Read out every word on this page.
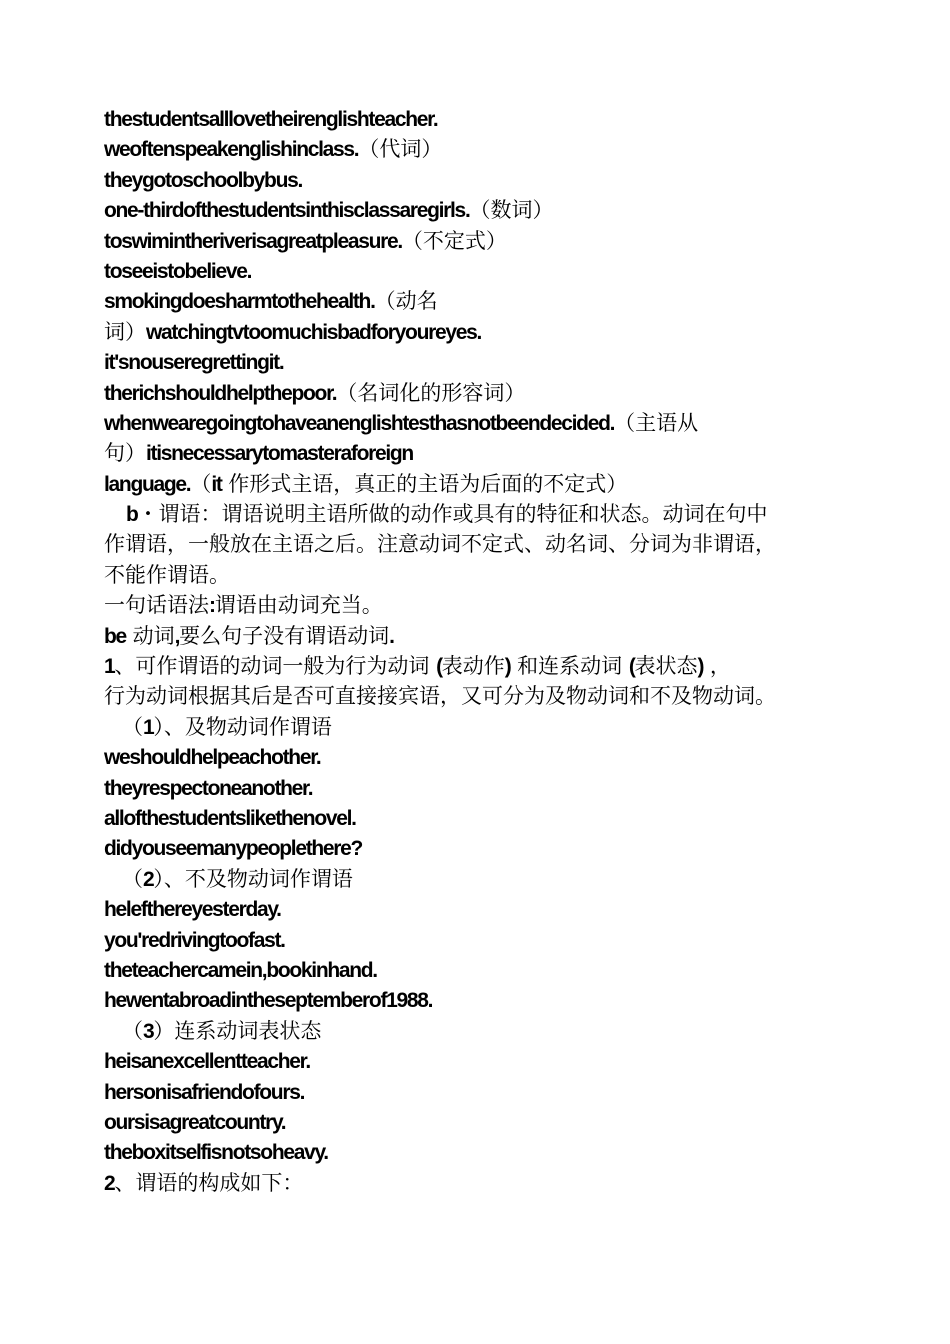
thestudentsalllovetheirenglishteacher.
weoftenspeakenglishinclass.（代词）
theygotoschoolbybus.
one-thirdofthestudentsinthisclassaregirls.（数词）
toswimintheriverisagreatpleasure.（不定式）
toseeistobelieve.
smokingdoesharmtothehealth.（动名
词）watchingtvtoomuchisbadforyoureyes.
it'snouseregrettingit.
therichshouldhelpthepoor.（名词化的形容词）
whenwearegoingtohaveanenglishtesthasnotbeendecided.（主语从
句）itisnecessarytomasteraforeign
language.（it 作形式主语，真正的主语为后面的不定式）
b・谓语：谓语说明主语所做的动作或具有的特征和状态。动词在句中
作谓语，一般放在主语之后。注意动词不定式、动名词、分词为非谓语，
不能作谓语。
一句话语法:谓语由动词充当。
be 动词,要么句子没有谓语动词.
1、可作谓语的动词一般为行为动词 (表动作) 和连系动词 (表状态) ，
行为动词根据其后是否可直接接宾语，又可分为及物动词和不及物动词。
（1）、及物动词作谓语
weshouldhelpeachother.
theyrespectoneanother.
allofthestudentslikethenovel.
didyouseemanypeoplethere?
（2）、不及物动词作谓语
helefthereyesterday.
you'redrivingtoofast.
theteachercamein,bookinhand.
hewentabroadintheseptemberof1988.
（3）连系动词表状态
heisanexcellentteacher.
hersonisafriendofours.
oursisagreatcountry.
theboxitselfisnotsoheavy.
2、谓语的构成如下：
